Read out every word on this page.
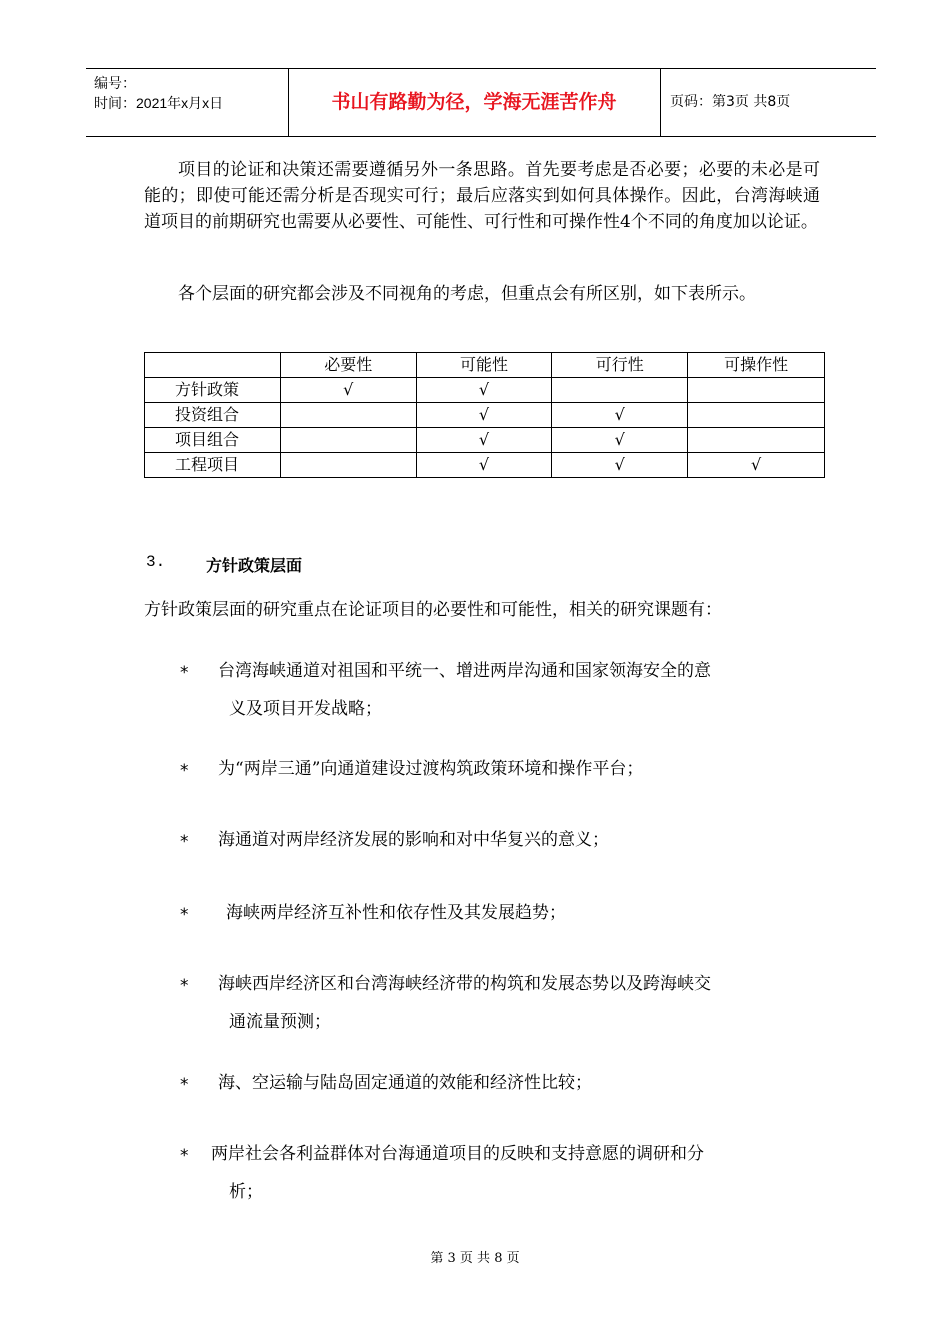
编号：
时间：2021年x月x日	书山有路勤为径，学海无涯苦作舟	页码：第3页 共8页

项目的论证和决策还需要遵循另外一条思路。首先要考虑是否必要；必要的未必是可能的；即使可能还需分析是否现实可行；最后应落实到如何具体操作。因此，台湾海峡通道项目的前期研究也需要从必要性、可能性、可行性和可操作性4个不同的角度加以论证。

各个层面的研究都会涉及不同视角的考虑，但重点会有所区别，如下表所示。

	必要性	可能性	可行性	可操作性
方针政策	√	√		
投资组合		√	√	
项目组合		√	√	
工程项目		√	√	√
3.	方针政策层面

方针政策层面的研究重点在论证项目的必要性和可能性，相关的研究课题有：

*	台湾海峡通道对祖国和平统一、增进两岸沟通和国家领海安全的意
义及项目开发战略；
*	为“两岸三通”向通道建设过渡构筑政策环境和操作平台；
*	海通道对两岸经济发展的影响和对中华复兴的意义；
*	海峡两岸经济互补性和依存性及其发展趋势；
*	海峡西岸经济区和台湾海峡经济带的构筑和发展态势以及跨海峡交
通流量预测；
*	海、空运输与陆岛固定通道的效能和经济性比较；
*	两岸社会各利益群体对台海通道项目的反映和支持意愿的调研和分
析；
第 3 页 共 8 页
